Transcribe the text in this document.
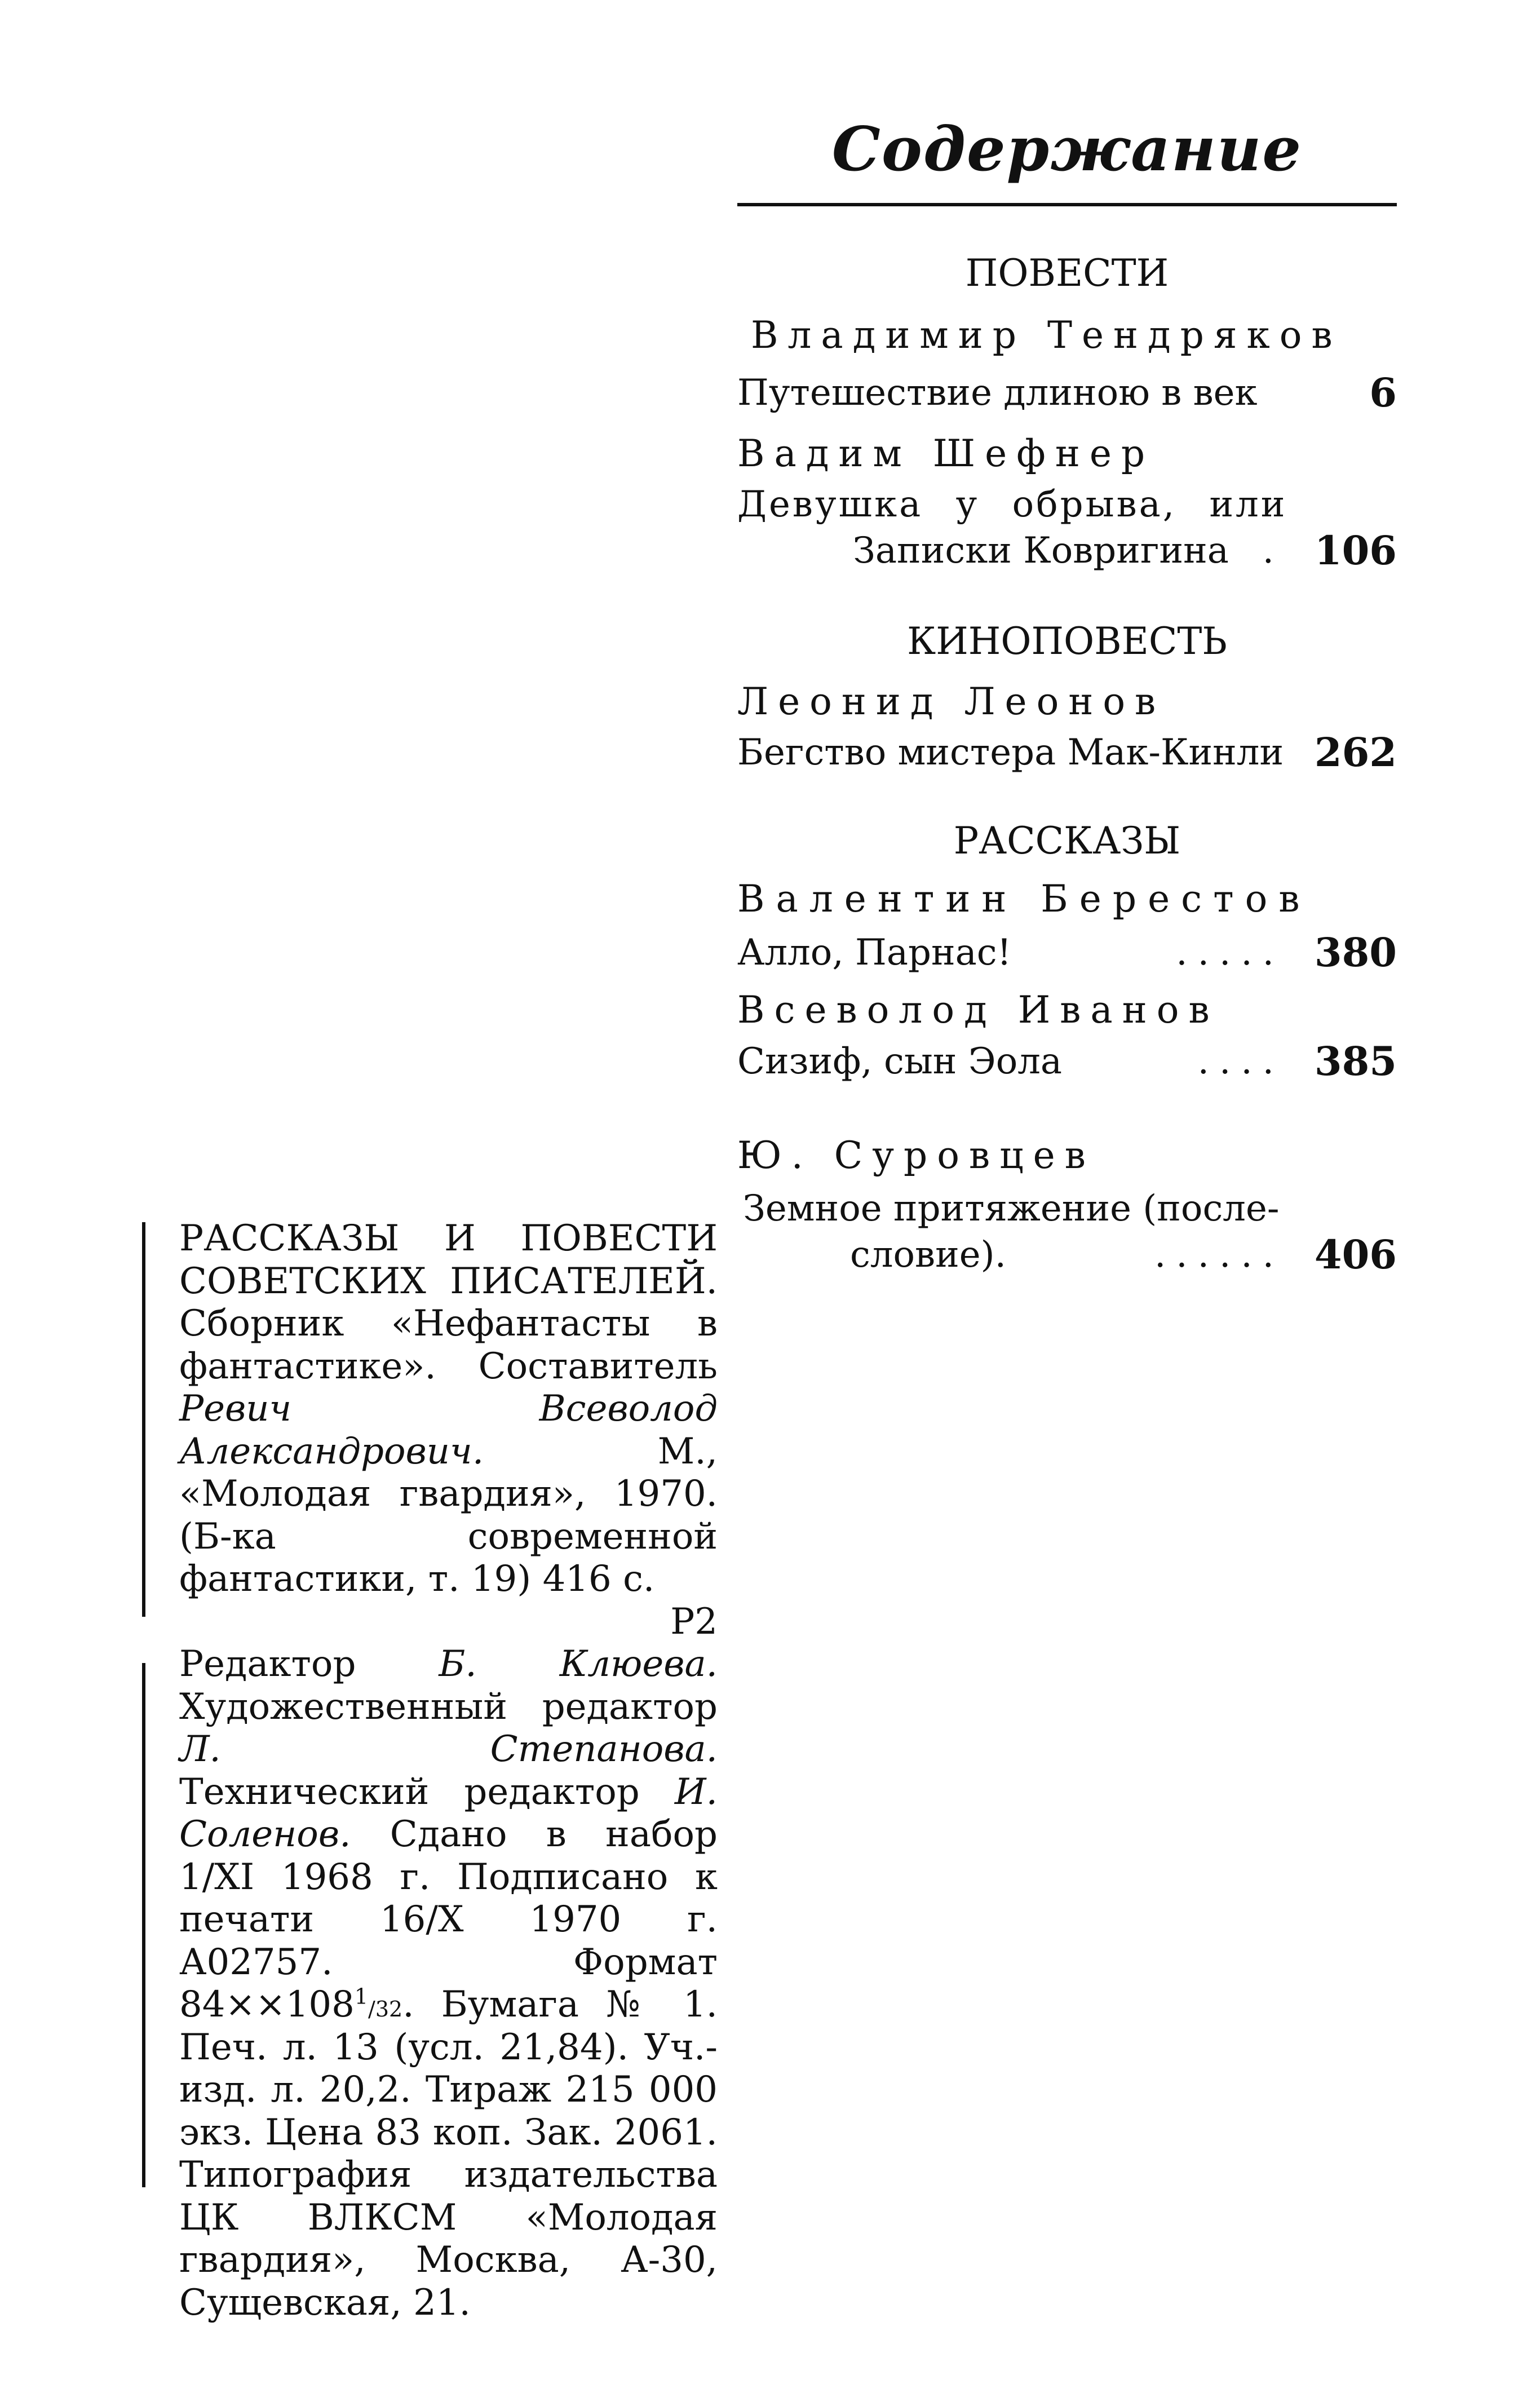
Содержание
ПОВЕСТИ
Владимир Тендряков
Путешествие длиною в век	6
Вадим Шефнер
Девушка у обрыва, или
Записки Ковригина . 106
КИНОПОВЕСТЬ
Леонид Леонов
Бегство мистера Мак-Кинли 262
РАССКАЗЫ
Валентин Берестов
Алло, Парнас!	..... 380
Всеволод Иванов
Сизиф, сын Эола	.... 385
Ю. Суровцев
Земное притяжение (после-
словие).	...... 406

РАССКАЗЫ И ПОВЕСТИ СОВЕТСКИХ ПИСАТЕЛЕЙ. Сборник «Нефантасты в фантастике». Составитель Ревич Всеволод Александрович.	М., «Молодая гвардия», 1970. (Б-ка современной фантастики, т. 19) 416 с.

Р2

Редактор Б. Клюева. Художественный редактор Л. Степанова. Технический редактор И. Соленов. Сдано в набор 1/XI 1968 г. Подписано к печати 16/X 1970 г. А02757. Формат $84\times\times 108^1/32$. Бумага № 1. Печ. л. 13 (усл. 21,84). Уч.-изд. л. 20,2. Тираж 215 000 экз. Цена 83 коп. Зак. 2061. Типография издательства ЦК ВЛКСМ «Молодая гвардия», Москва, А-30, Сущевская, 21.
